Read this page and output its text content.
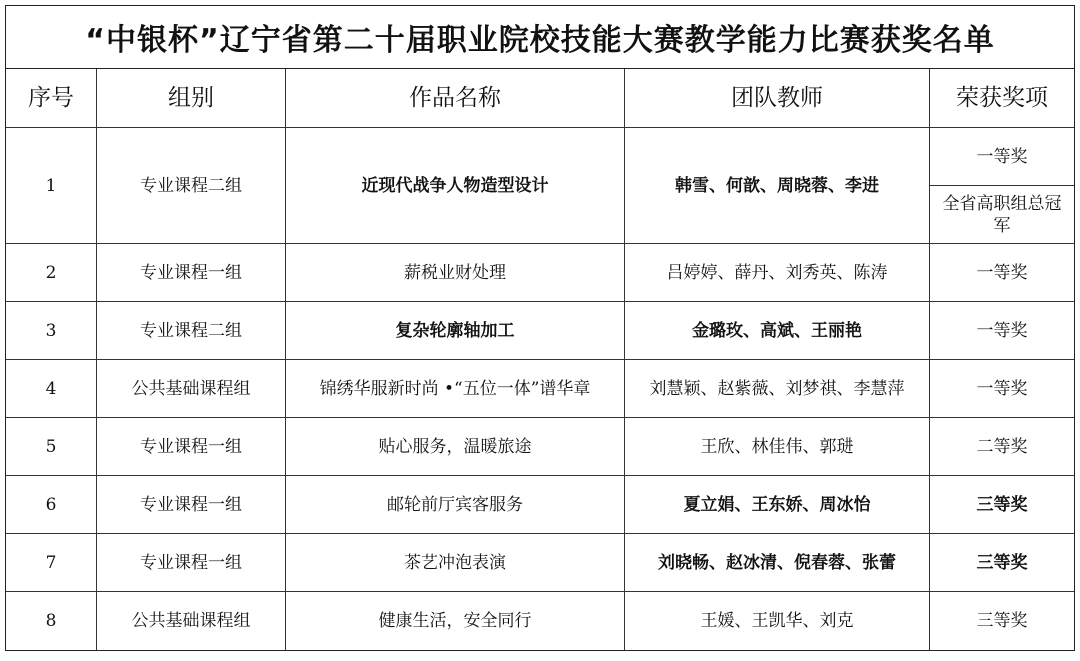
“中银杯”辽宁省第二十届职业院校技能大赛教学能力比赛获奖名单
序号	组别	作品名称	团队教师	荣获奖项
1	专业课程二组	近现代战争人物造型设计	韩雪、何歆、周晓蓉、李进	一等奖
				全省高职组总冠军
2	专业课程一组	薪税业财处理	吕婷婷、薛丹、刘秀英、陈涛	一等奖
3	专业课程二组	复杂轮廓轴加工	金璐玫、高斌、王丽艳	一等奖
4	公共基础课程组	锦绣华服新时尚 •“五位一体”谱华章	刘慧颖、赵紫薇、刘梦祺、李慧萍	一等奖
5	专业课程一组	贴心服务，温暖旅途	王欣、林佳伟、郭琎	二等奖
6	专业课程一组	邮轮前厅宾客服务	夏立娟、王东娇、周冰怡	三等奖
7	专业课程一组	茶艺冲泡表演	刘晓畅、赵冰清、倪春蓉、张蕾	三等奖
8	公共基础课程组	健康生活，安全同行	王媛、王凯华、刘克	三等奖
